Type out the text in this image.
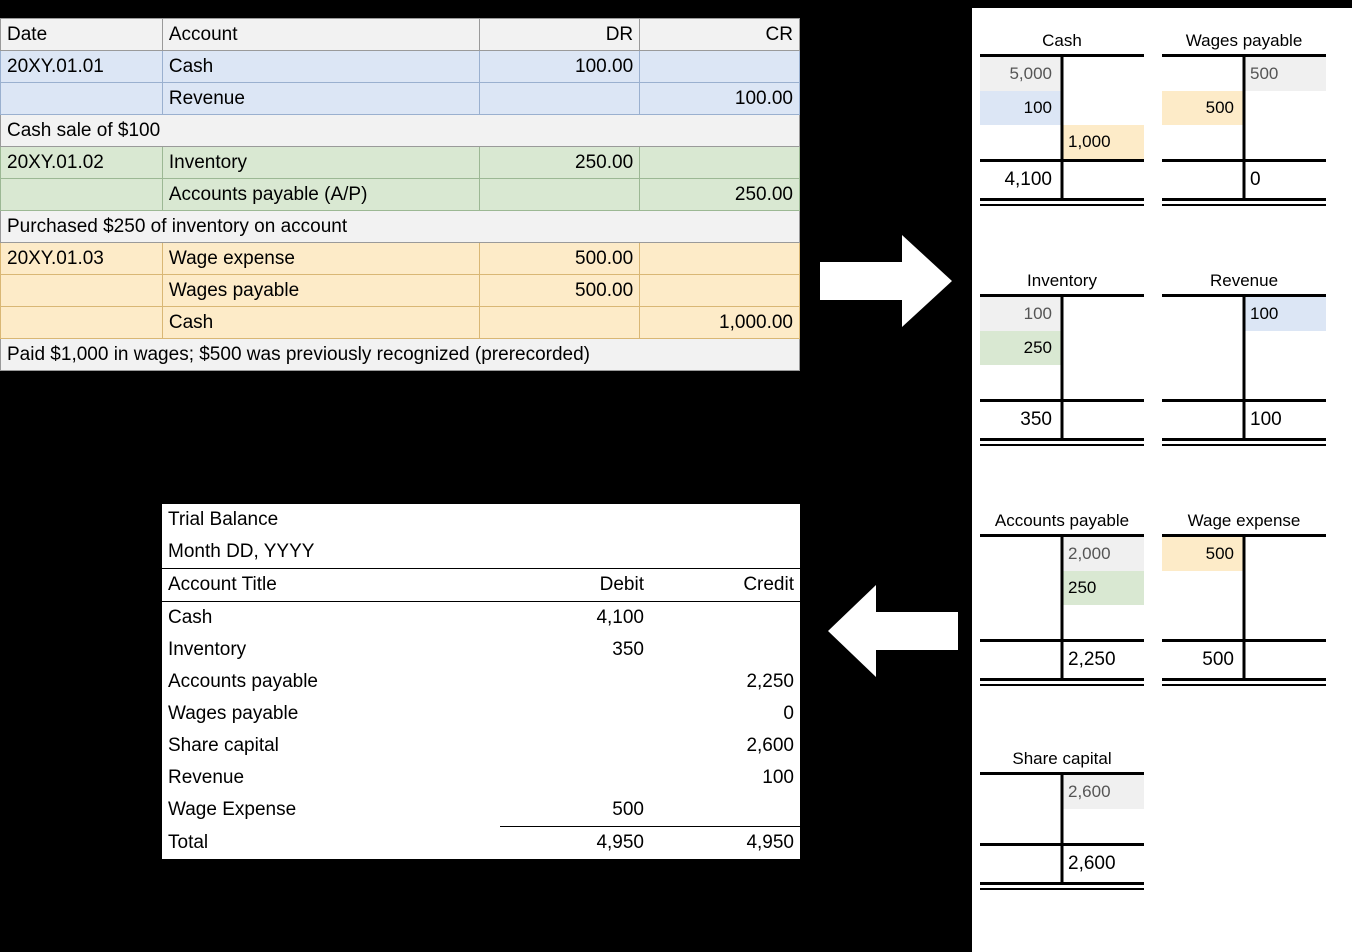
Date	Account	DR	CR
20XY.01.01	Cash	100.00	
	Revenue		100.00
Cash sale of $100			
20XY.01.02	Inventory	250.00	
	Accounts payable (A/P)		250.00
Purchased $250 of inventory on account			
20XY.01.03	Wage expense	500.00	
	Wages payable	500.00	
	Cash		1,000.00
Paid $1,000 in wages; $500 was previously recognized (prerecorded)			
Trial Balance		
Month DD, YYYY		
Account Title	Debit	Credit
Cash	4,100	
Inventory	350	
Accounts payable		2,250
Wages payable		0
Share capital		2,600
Revenue		100
Wage Expense	500	
Total	4,950	4,950
Cash
5,000
100
1,000
4,100
Wages payable
500
500
0
Inventory
100
250
350
Revenue
100
100
Accounts payable
2,000
250
2,250
Wage expense
500
500
Share capital
2,600
2,600
